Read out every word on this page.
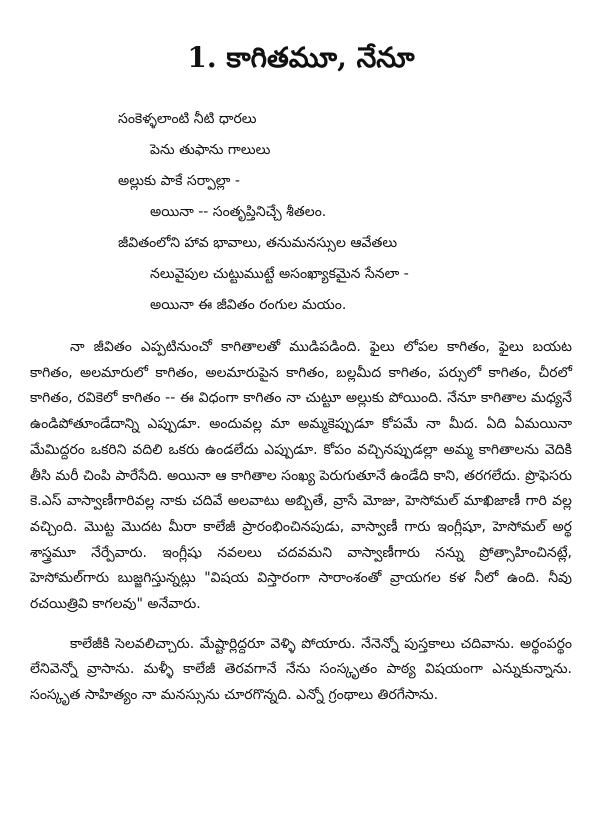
1. కాగితమూ, నేనూ
సంకెళ్ళలాంటి నీటి ధారలు
పెను తుఫాను గాలులు
అల్లుకు పాకే సర్పాల్లా -
అయినా -- సంతృప్తినిచ్చే శీతలం.
జీవితంలోని హావ భావాలు, తనుమనస్సుల ఆవేతలు
నలువైపుల చుట్టుముట్టే అసంఖ్యాకమైన సేనలా -
అయినా ఈ జీవితం రంగుల మయం.

నా జీవితం ఎప్పటినుంచో కాగితాలతో ముడిపడింది. ఫైలు లోపల కాగితం, ఫైలు బయట కాగితం, అలమారులో కాగితం, అలమారుపైన కాగితం, బల్లమీద కాగితం, పర్సులో కాగితం, చీరలో కాగితం, రవికెలో కాగితం -- ఈ విధంగా కాగితం నా చుట్టూ అల్లుకు పోయింది. నేనూ కాగితాల మధ్యనే ఉండిపోతూండేదాన్ని ఎప్పుడూ. అందువల్ల మా అమ్మకెప్పుడూ కోపమే నా మీద. ఏది ఏమయినా మేమిద్దరం ఒకరిని వదిలి ఒకరు ఉండలేదు ఎప్పుడూ. కోపం వచ్చినప్పుడల్లా అమ్మ కాగితాలను వెదికి తీసి మరీ చింపి పారేసేది. అయినా ఆ కాగితాల సంఖ్య పెరుగుతూనే ఉండేది కాని, తరగలేదు. ప్రొఫెసరు కె.ఎస్ వాస్వాణీగారివల్ల నాకు చదివే అలవాటు అబ్బితే, వ్రాసే మోజు, హెసోమల్ మాఖిజాణీ గారి వల్ల వచ్చింది. మొట్ట మొదట మీరా కాలేజీ ప్రారంభించినపుడు, వాస్వాణీ గారు ఇంగ్లీషూ, హెసోమల్ అర్థ శాస్త్రమూ నేర్పేవారు. ఇంగ్లీషు నవలలు చదవమని వాస్వాణీగారు నన్ను ప్రోత్సాహించినట్లే, హెసోమల్‌గారు బుజ్జగిస్తున్నట్లు "విషయ విస్తారంగా సారాంశంతో వ్రాయగల కళ నీలో ఉంది. నీవు రచయిత్రివి కాగలవు" అనేవారు.

కాలేజీకి సెలవలిచ్చారు. మేష్టార్లిద్దరూ వెళ్ళి పోయారు. నేనెన్నో పుస్తకాలు చదివాను. అర్థంపర్థం లేనివెన్నో వ్రాసాను. మళ్ళీ కాలేజీ తెరవగానే నేను సంస్కృతం పాఠ్య విషయంగా ఎన్నుకున్నాను. సంస్కృత సాహిత్యం నా మనస్సును చూరగొన్నది. ఎన్నో గ్రంథాలు తిరగేసాను.
